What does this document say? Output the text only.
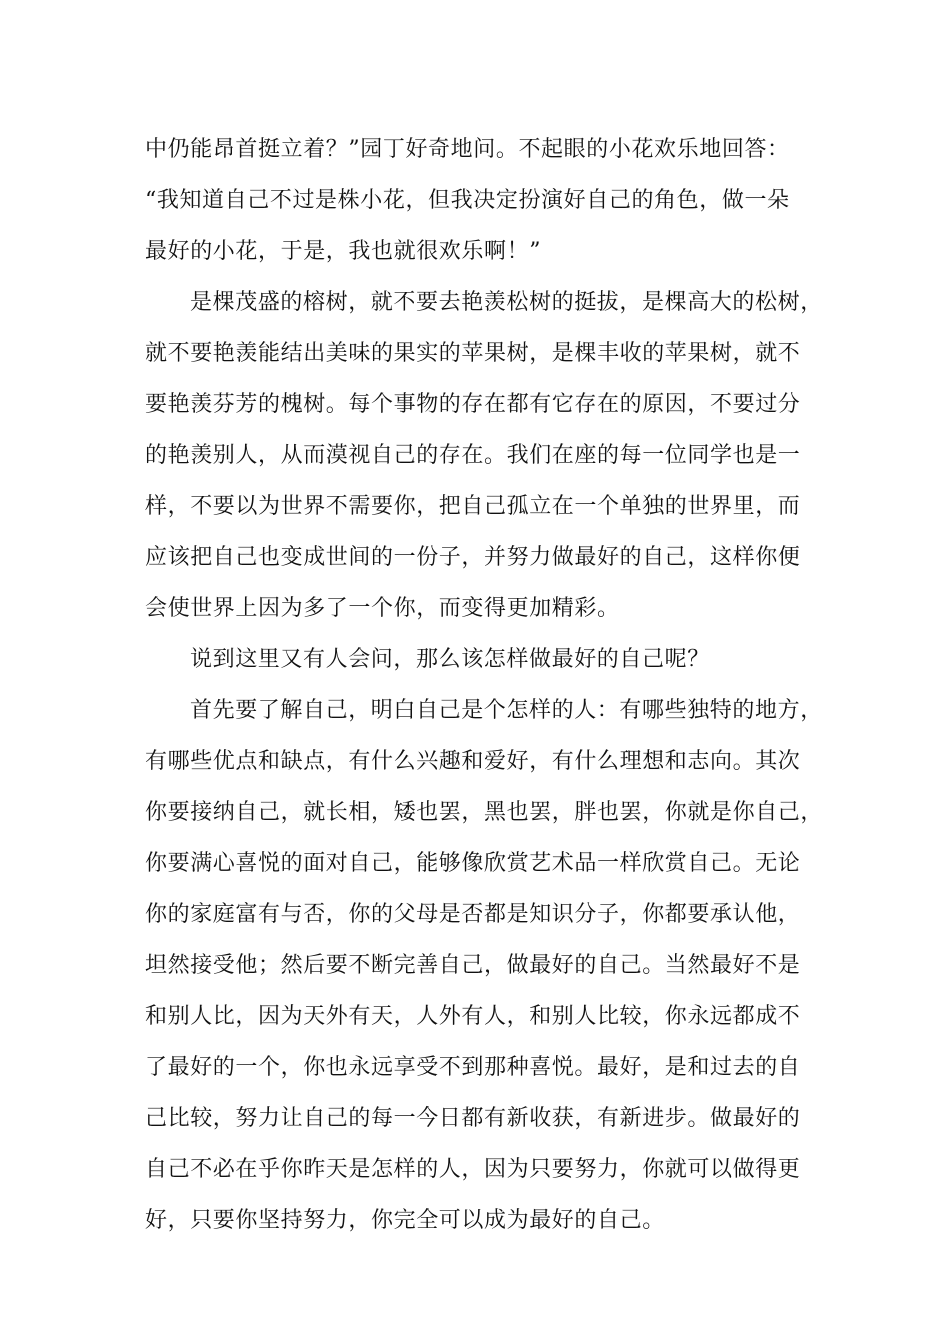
中仍能昂首挺立着？”园丁好奇地问。不起眼的小花欢乐地回答：
“我知道自己不过是株小花，但我决定扮演好自己的角色，做一朵
最好的小花，于是，我也就很欢乐啊！”
是棵茂盛的榕树，就不要去艳羡松树的挺拔，是棵高大的松树，
就不要艳羡能结出美味的果实的苹果树，是棵丰收的苹果树，就不
要艳羡芬芳的槐树。每个事物的存在都有它存在的原因，不要过分
的艳羡别人，从而漠视自己的存在。我们在座的每一位同学也是一
样，不要以为世界不需要你，把自己孤立在一个单独的世界里，而
应该把自己也变成世间的一份子，并努力做最好的自己，这样你便
会使世界上因为多了一个你，而变得更加精彩。
说到这里又有人会问，那么该怎样做最好的自己呢？
首先要了解自己，明白自己是个怎样的人：有哪些独特的地方，
有哪些优点和缺点，有什么兴趣和爱好，有什么理想和志向。其次
你要接纳自己，就长相，矮也罢，黑也罢，胖也罢，你就是你自己，
你要满心喜悦的面对自己，能够像欣赏艺术品一样欣赏自己。无论
你的家庭富有与否，你的父母是否都是知识分子，你都要承认他，
坦然接受他；然后要不断完善自己，做最好的自己。当然最好不是
和别人比，因为天外有天，人外有人，和别人比较，你永远都成不
了最好的一个，你也永远享受不到那种喜悦。最好，是和过去的自
己比较，努力让自己的每一今日都有新收获，有新进步。做最好的
自己不必在乎你昨天是怎样的人，因为只要努力，你就可以做得更
好，只要你坚持努力，你完全可以成为最好的自己。
